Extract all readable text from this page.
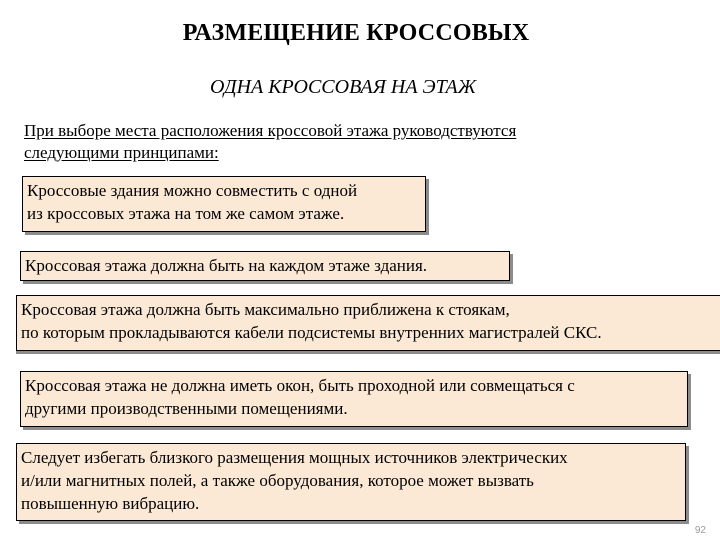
РАЗМЕЩЕНИЕ КРОССОВЫХ
ОДНА КРОССОВАЯ НА ЭТАЖ
При выборе места расположения кроссовой этажа руководствуются
следующими принципами:
Кроссовые здания можно совместить с одной
из кроссовых этажа на том же самом этаже.
Кроссовая этажа должна быть на каждом этаже здания.
Кроссовая этажа должна быть максимально приближена к стоякам,
по которым прокладываются кабели подсистемы внутренних магистралей СКС.
Кроссовая этажа не должна иметь окон, быть проходной или совмещаться с
другими производственными помещениями.
Следует избегать близкого размещения мощных источников электрических
и/или магнитных полей, а также оборудования, которое может вызвать
повышенную вибрацию.
92
